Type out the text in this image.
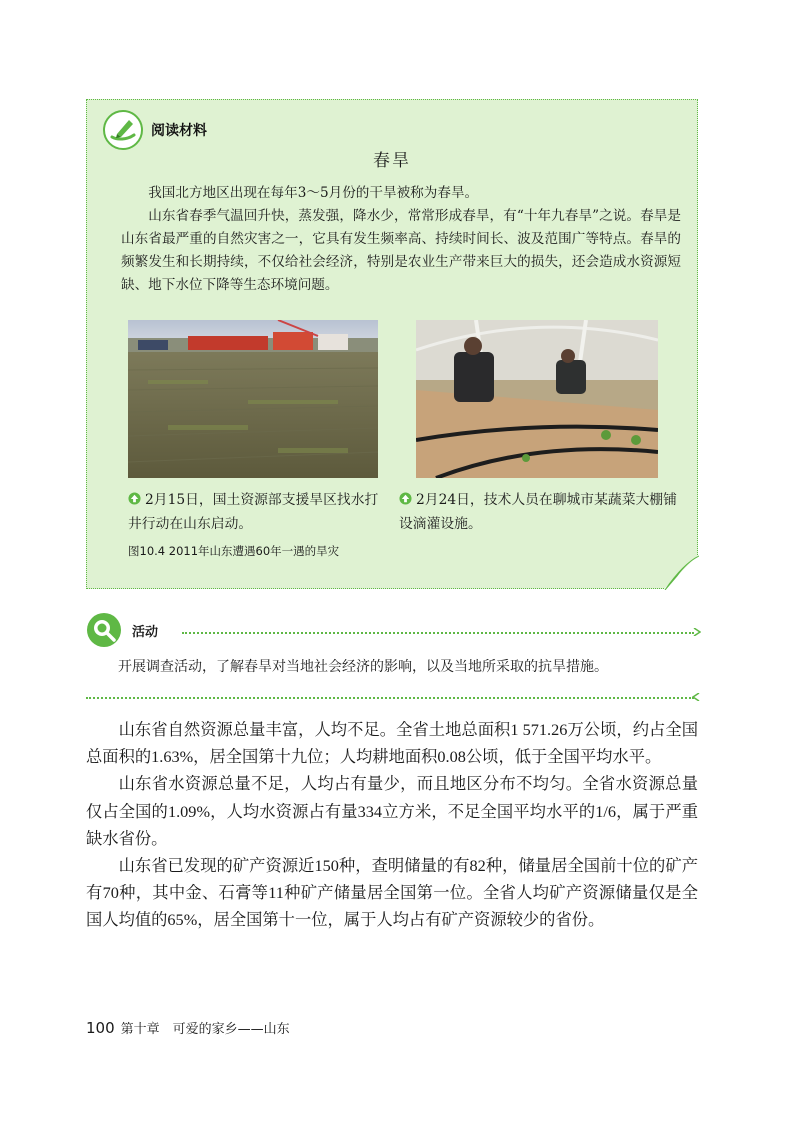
阅读材料
春旱

我国北方地区出现在每年3～5月份的干旱被称为春旱。

山东省春季气温回升快，蒸发强，降水少，常常形成春旱，有“十年九春旱”之说。春旱是山东省最严重的自然灾害之一，它具有发生频率高、持续时间长、波及范围广等特点。春旱的频繁发生和长期持续，不仅给社会经济，特别是农业生产带来巨大的损失，还会造成水资源短缺、地下水位下降等生态环境问题。

2月15日，国土资源部支援旱区找水打井行动在山东启动。
2月24日，技术人员在聊城市某蔬菜大棚铺设滴灌设施。
图10.4 2011年山东遭遇60年一遇的旱灾
活动
开展调查活动，了解春旱对当地社会经济的影响，以及当地所采取的抗旱措施。

山东省自然资源总量丰富，人均不足。全省土地总面积1 571.26万公顷，约占全国总面积的1.63%，居全国第十九位；人均耕地面积0.08公顷，低于全国平均水平。

山东省水资源总量不足，人均占有量少，而且地区分布不均匀。全省水资源总量仅占全国的1.09%，人均水资源占有量334立方米，不足全国平均水平的1/6，属于严重缺水省份。

山东省已发现的矿产资源近150种，查明储量的有82种，储量居全国前十位的矿产有70种，其中金、石膏等11种矿产储量居全国第一位。全省人均矿产资源储量仅是全国人均值的65%，居全国第十一位，属于人均占有矿产资源较少的省份。

100 第十章　可爱的家乡——山东
